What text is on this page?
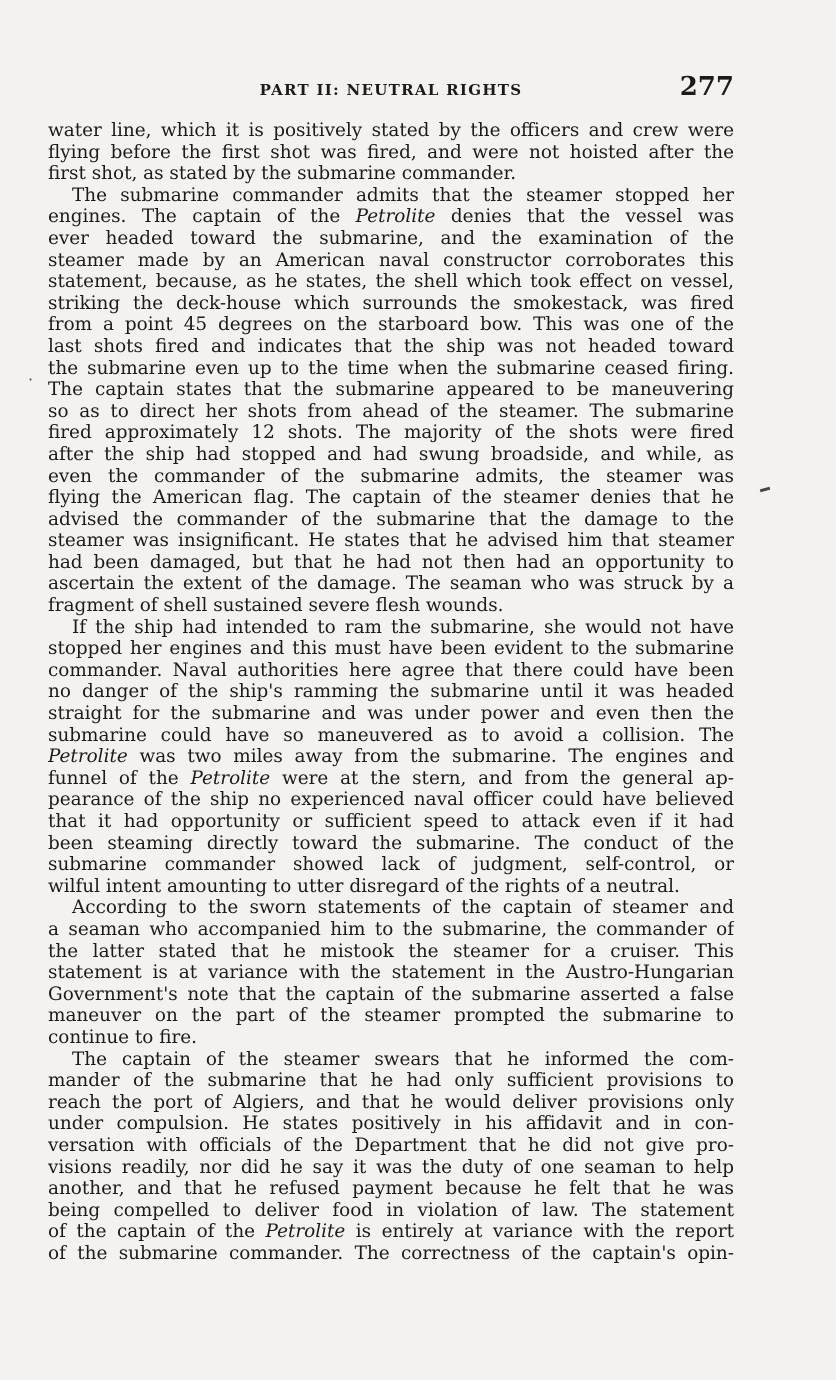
PART II: NEUTRAL RIGHTS	277
water line, which it is positively stated by the officers and crew were
flying before the first shot was fired, and were not hoisted after the
first shot, as stated by the submarine commander.
The submarine commander admits that the steamer stopped her
engines. The captain of the Petrolite denies that the vessel was
ever headed toward the submarine, and the examination of the
steamer made by an American naval constructor corroborates this
statement, because, as he states, the shell which took effect on vessel,
striking the deck-house which surrounds the smokestack, was fired
from a point 45 degrees on the starboard bow. This was one of the
last shots fired and indicates that the ship was not headed toward
the submarine even up to the time when the submarine ceased firing.
The captain states that the submarine appeared to be maneuvering
so as to direct her shots from ahead of the steamer. The submarine
fired approximately 12 shots. The majority of the shots were fired
after the ship had stopped and had swung broadside, and while, as
even the commander of the submarine admits, the steamer was
flying the American flag. The captain of the steamer denies that he
advised the commander of the submarine that the damage to the
steamer was insignificant. He states that he advised him that steamer
had been damaged, but that he had not then had an opportunity to
ascertain the extent of the damage. The seaman who was struck by a
fragment of shell sustained severe flesh wounds.
If the ship had intended to ram the submarine, she would not have
stopped her engines and this must have been evident to the submarine
commander. Naval authorities here agree that there could have been
no danger of the ship's ramming the submarine until it was headed
straight for the submarine and was under power and even then the
submarine could have so maneuvered as to avoid a collision. The
Petrolite was two miles away from the submarine. The engines and
funnel of the Petrolite were at the stern, and from the general ap-
pearance of the ship no experienced naval officer could have believed
that it had opportunity or sufficient speed to attack even if it had
been steaming directly toward the submarine. The conduct of the
submarine commander showed lack of judgment, self-control, or
wilful intent amounting to utter disregard of the rights of a neutral.
According to the sworn statements of the captain of steamer and
a seaman who accompanied him to the submarine, the commander of
the latter stated that he mistook the steamer for a cruiser. This
statement is at variance with the statement in the Austro-Hungarian
Government's note that the captain of the submarine asserted a false
maneuver on the part of the steamer prompted the submarine to
continue to fire.
The captain of the steamer swears that he informed the com-
mander of the submarine that he had only sufficient provisions to
reach the port of Algiers, and that he would deliver provisions only
under compulsion. He states positively in his affidavit and in con-
versation with officials of the Department that he did not give pro-
visions readily, nor did he say it was the duty of one seaman to help
another, and that he refused payment because he felt that he was
being compelled to deliver food in violation of law. The statement
of the captain of the Petrolite is entirely at variance with the report
of the submarine commander. The correctness of the captain's opin-
·
